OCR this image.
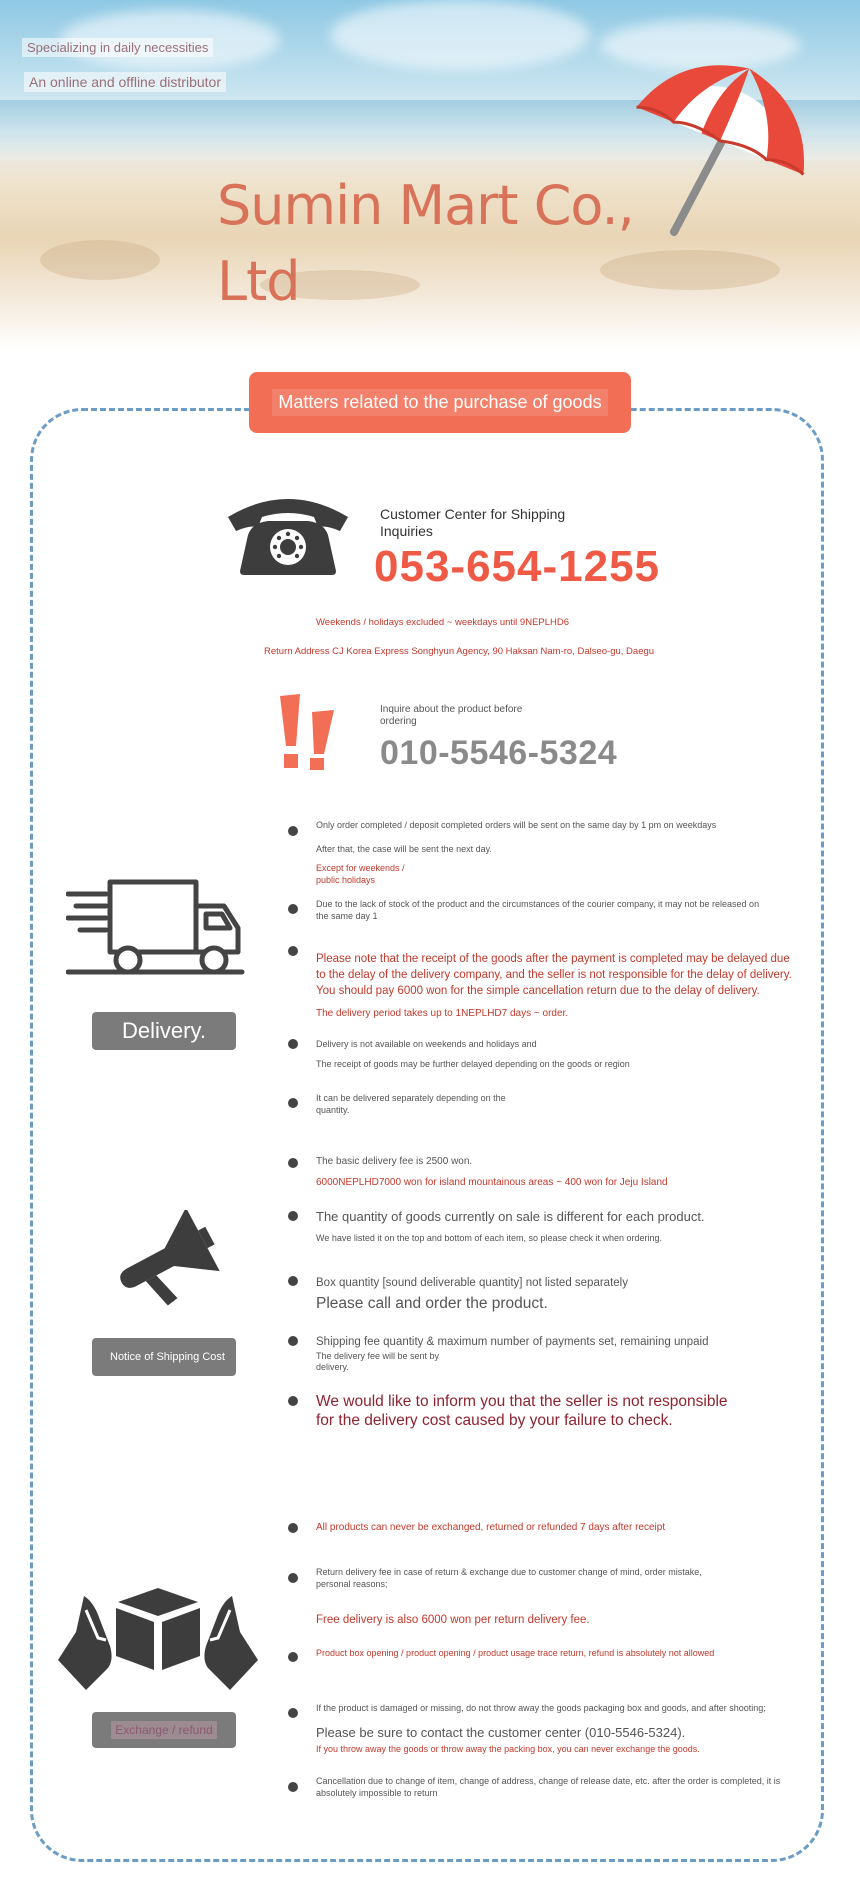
Specializing in daily necessities
An online and offline distributor
Sumin Mart Co., Ltd
Matters related to the purchase of goods
Customer Center for Shipping Inquiries
053-654-1255
Weekends / holidays excluded ~ weekdays until 9NEPLHD6
Return Address CJ Korea Express Songhyun Agency, 90 Haksan Nam-ro, Dalseo-gu, Daegu
Inquire about the product before ordering
010-5546-5324
Delivery.
Only order completed / deposit completed orders will be sent on the same day by 1 pm on weekdays
After that, the case will be sent the next day.
Except for weekends /
public holidays
Due to the lack of stock of the product and the circumstances of the courier company, it may not be released on the same day 1
Please note that the receipt of the goods after the payment is completed may be delayed due to the delay of the delivery company, and the seller is not responsible for the delay of delivery.
You should pay 6000 won for the simple cancellation return due to the delay of delivery.
The delivery period takes up to 1NEPLHD7 days ~ order.
Delivery is not available on weekends and holidays and
The receipt of goods may be further delayed depending on the goods or region
It can be delivered separately depending on the quantity.
Notice of Shipping Cost
The basic delivery fee is 2500 won.
6000NEPLHD7000 won for island mountainous areas ~ 400 won for Jeju Island
The quantity of goods currently on sale is different for each product.
We have listed it on the top and bottom of each item, so please check it when ordering.
Box quantity [sound deliverable quantity] not listed separately
Please call and order the product.
Shipping fee quantity & maximum number of payments set, remaining unpaid
The delivery fee will be sent by
delivery.
We would like to inform you that the seller is not responsible for the delivery cost caused by your failure to check.
Exchange / refund
All products can never be exchanged, returned or refunded 7 days after receipt
Return delivery fee in case of return & exchange due to customer change of mind, order mistake, personal reasons;
Free delivery is also 6000 won per return delivery fee.
Product box opening / product opening / product usage trace return, refund is absolutely not allowed
If the product is damaged or missing, do not throw away the goods packaging box and goods, and after shooting;
Please be sure to contact the customer center (010-5546-5324).
If you throw away the goods or throw away the packing box, you can never exchange the goods.
Cancellation due to change of item, change of address, change of release date, etc. after the order is completed, it is absolutely impossible to return
